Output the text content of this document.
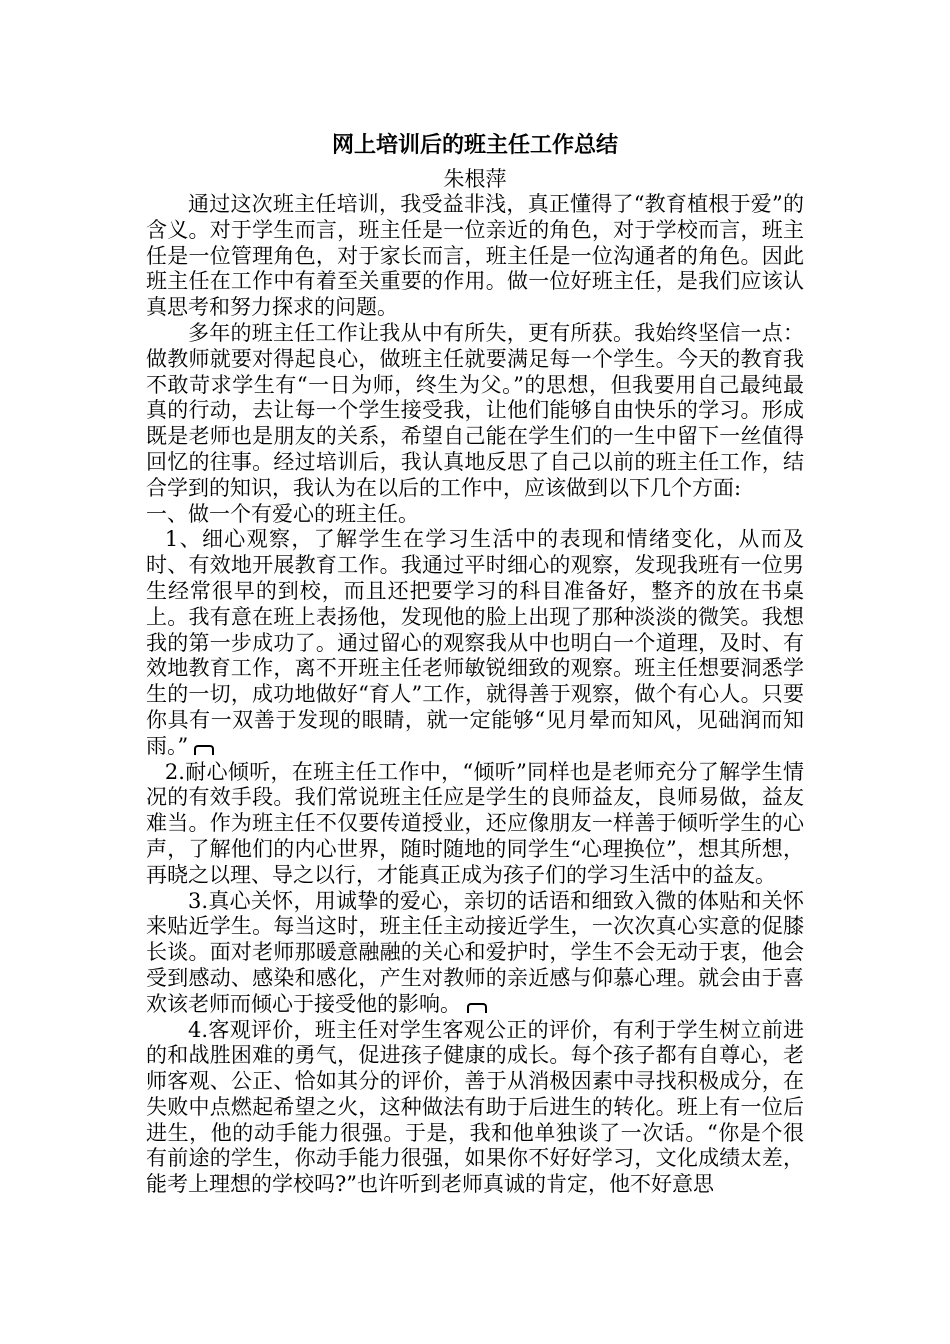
网上培训后的班主任工作总结
朱根萍

通过这次班主任培训，我受益非浅，真正懂得了“教育植根于爱”的含义。对于学生而言，班主任是一位亲近的角色，对于学校而言，班主任是一位管理角色，对于家长而言，班主任是一位沟通者的角色。因此班主任在工作中有着至关重要的作用。做一位好班主任，是我们应该认真思考和努力探求的问题。

多年的班主任工作让我从中有所失，更有所获。我始终坚信一点：做教师就要对得起良心，做班主任就要满足每一个学生。今天的教育我不敢苛求学生有“一日为师，终生为父。”的思想，但我要用自己最纯最真的行动，去让每一个学生接受我，让他们能够自由快乐的学习。形成既是老师也是朋友的关系，希望自己能在学生们的一生中留下一丝值得回忆的往事。经过培训后，我认真地反思了自己以前的班主任工作，结合学到的知识，我认为在以后的工作中，应该做到以下几个方面:

一、做一个有爱心的班主任。

1、细心观察，了解学生在学习生活中的表现和情绪变化，从而及时、有效地开展教育工作。我通过平时细心的观察，发现我班有一位男生经常很早的到校，而且还把要学习的科目准备好，整齐的放在书桌上。我有意在班上表扬他，发现他的脸上出现了那种淡淡的微笑。我想我的第一步成功了。通过留心的观察我从中也明白一个道理，及时、有效地教育工作，离不开班主任老师敏锐细致的观察。班主任想要洞悉学生的一切，成功地做好“育人”工作，就得善于观察，做个有心人。只要你具有一双善于发现的眼睛，就一定能够“见月晕而知风，见础润而知雨。”

2.耐心倾听，在班主任工作中，“倾听”同样也是老师充分了解学生情况的有效手段。我们常说班主任应是学生的良师益友，良师易做，益友难当。作为班主任不仅要传道授业，还应像朋友一样善于倾听学生的心声，了解他们的内心世界，随时随地的同学生“心理换位”，想其所想，再晓之以理、导之以行，才能真正成为孩子们的学习生活中的益友。

3.真心关怀，用诚挚的爱心，亲切的话语和细致入微的体贴和关怀来贴近学生。每当这时，班主任主动接近学生，一次次真心实意的促膝长谈。面对老师那暖意融融的关心和爱护时，学生不会无动于衷，他会受到感动、感染和感化，产生对教师的亲近感与仰慕心理。就会由于喜欢该老师而倾心于接受他的影响。

4.客观评价，班主任对学生客观公正的评价，有利于学生树立前进的和战胜困难的勇气，促进孩子健康的成长。每个孩子都有自尊心，老师客观、公正、恰如其分的评价，善于从消极因素中寻找积极成分，在失败中点燃起希望之火，这种做法有助于后进生的转化。班上有一位后进生，他的动手能力很强。于是，我和他单独谈了一次话。“你是个很有前途的学生，你动手能力很强，如果你不好好学习，文化成绩太差，能考上理想的学校吗?”也许听到老师真诚的肯定，他不好意思
